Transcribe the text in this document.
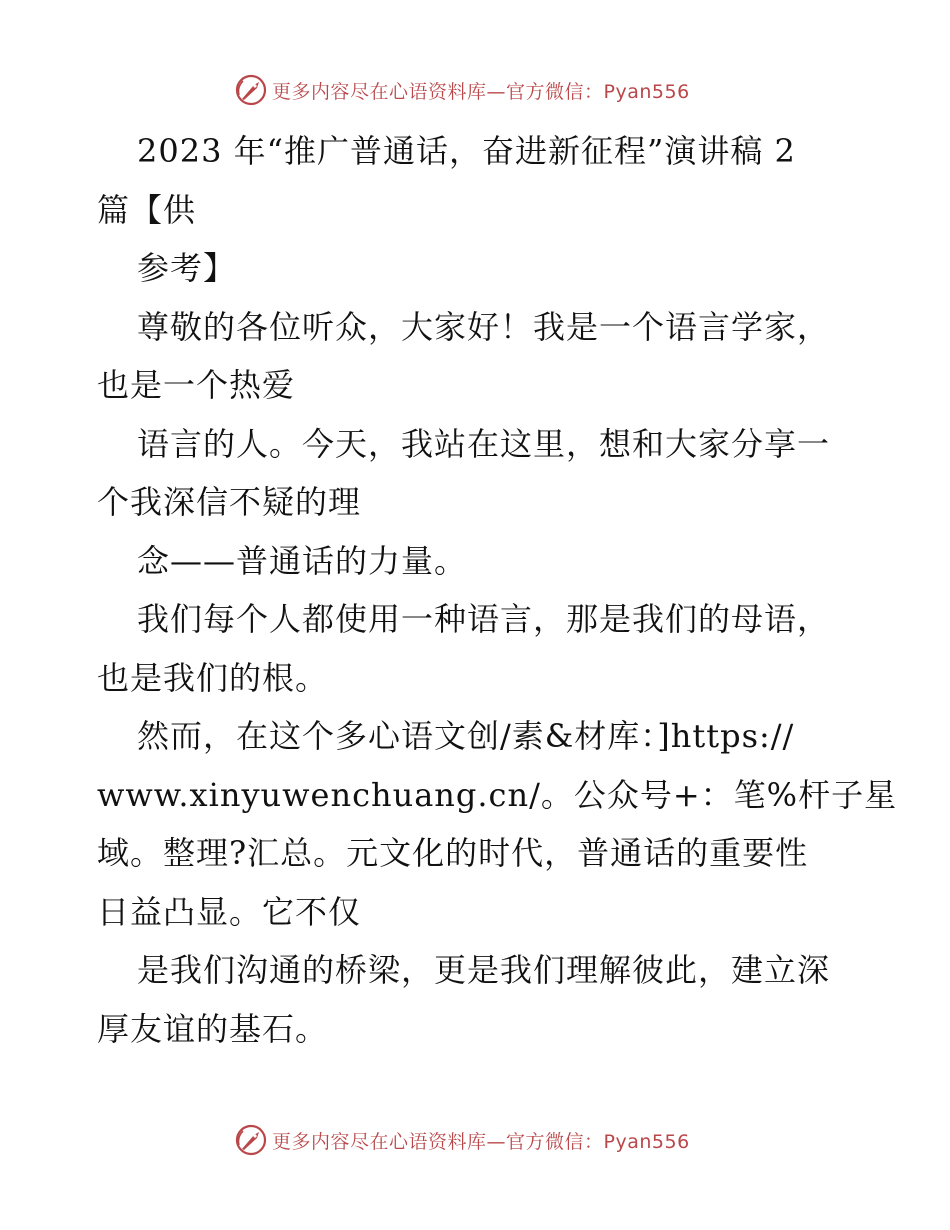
更多内容尽在心语资料库—官方微信：Pyan556
2023 年“推广普通话，奋进新征程”演讲稿 2
篇【供
参考】
尊敬的各位听众，大家好！我是一个语言学家，
也是一个热爱
语言的人。今天，我站在这里，想和大家分享一
个我深信不疑的理
念——普通话的力量。
我们每个人都使用一种语言，那是我们的母语，
也是我们的根。
然而，在这个多心语文创/素&材库：]https://
www.xinyuwenchuang.cn/。公众号+：笔%杆子星
域。整理?汇总。元文化的时代，普通话的重要性
日益凸显。它不仅
是我们沟通的桥梁，更是我们理解彼此，建立深
厚友谊的基石。
更多内容尽在心语资料库—官方微信：Pyan556
